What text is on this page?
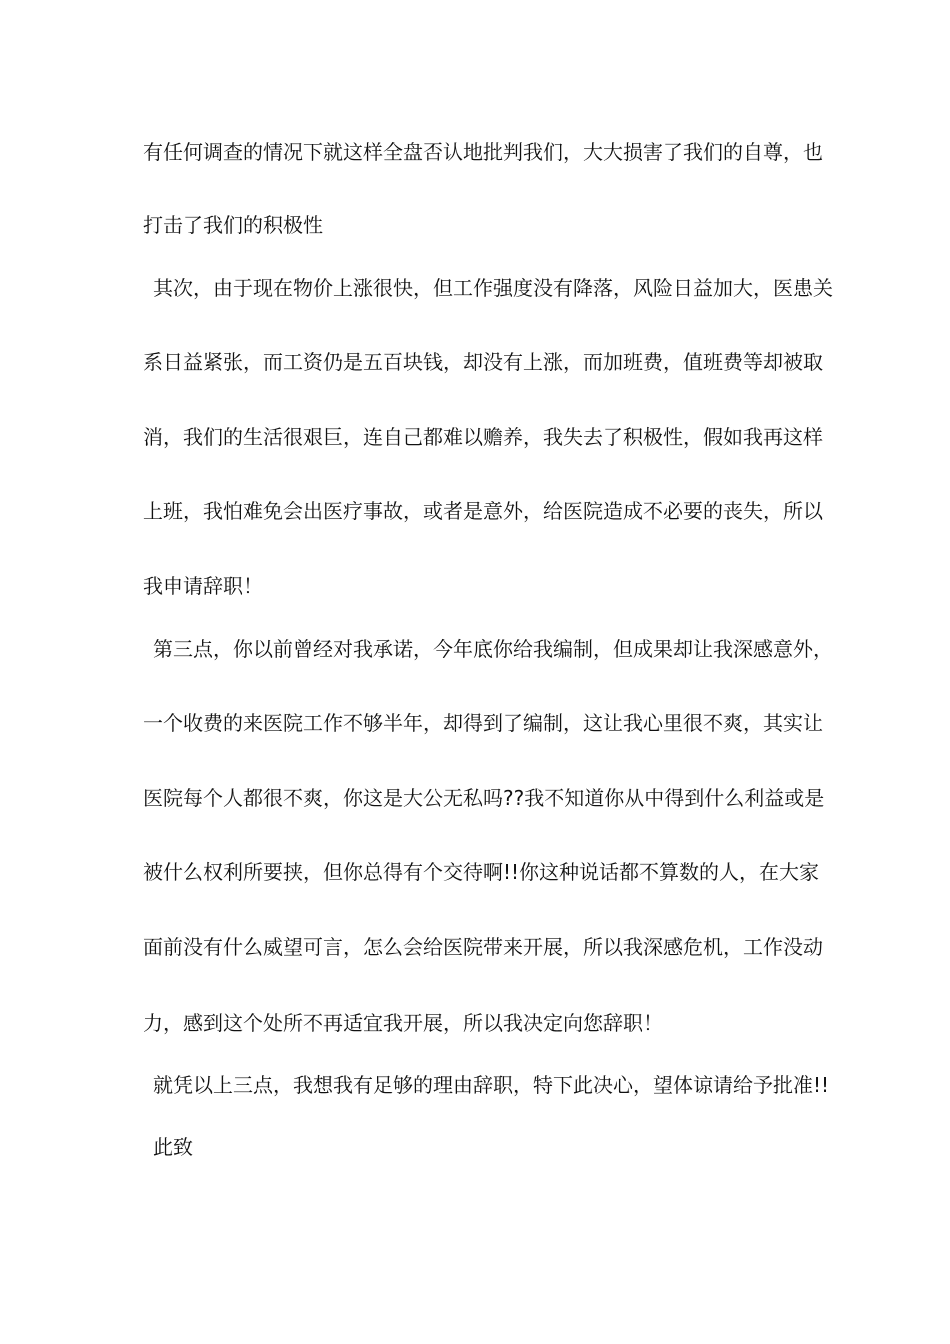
有任何调查的情况下就这样全盘否认地批判我们，大大损害了我们的自尊，也
打击了我们的积极性
其次，由于现在物价上涨很快，但工作强度没有降落，风险日益加大，医患关
系日益紧张，而工资仍是五百块钱，却没有上涨，而加班费，值班费等却被取
消，我们的生活很艰巨，连自己都难以赡养，我失去了积极性，假如我再这样
上班，我怕难免会出医疗事故，或者是意外，给医院造成不必要的丧失，所以
我申请辞职！
第三点，你以前曾经对我承诺，今年底你给我编制，但成果却让我深感意外，
一个收费的来医院工作不够半年，却得到了编制，这让我心里很不爽，其实让
医院每个人都很不爽，你这是大公无私吗??我不知道你从中得到什么利益或是
被什么权利所要挟，但你总得有个交待啊!!你这种说话都不算数的人，在大家
面前没有什么威望可言，怎么会给医院带来开展，所以我深感危机，工作没动
力，感到这个处所不再适宜我开展，所以我决定向您辞职！
就凭以上三点，我想我有足够的理由辞职，特下此决心，望体谅请给予批准!!
此致
